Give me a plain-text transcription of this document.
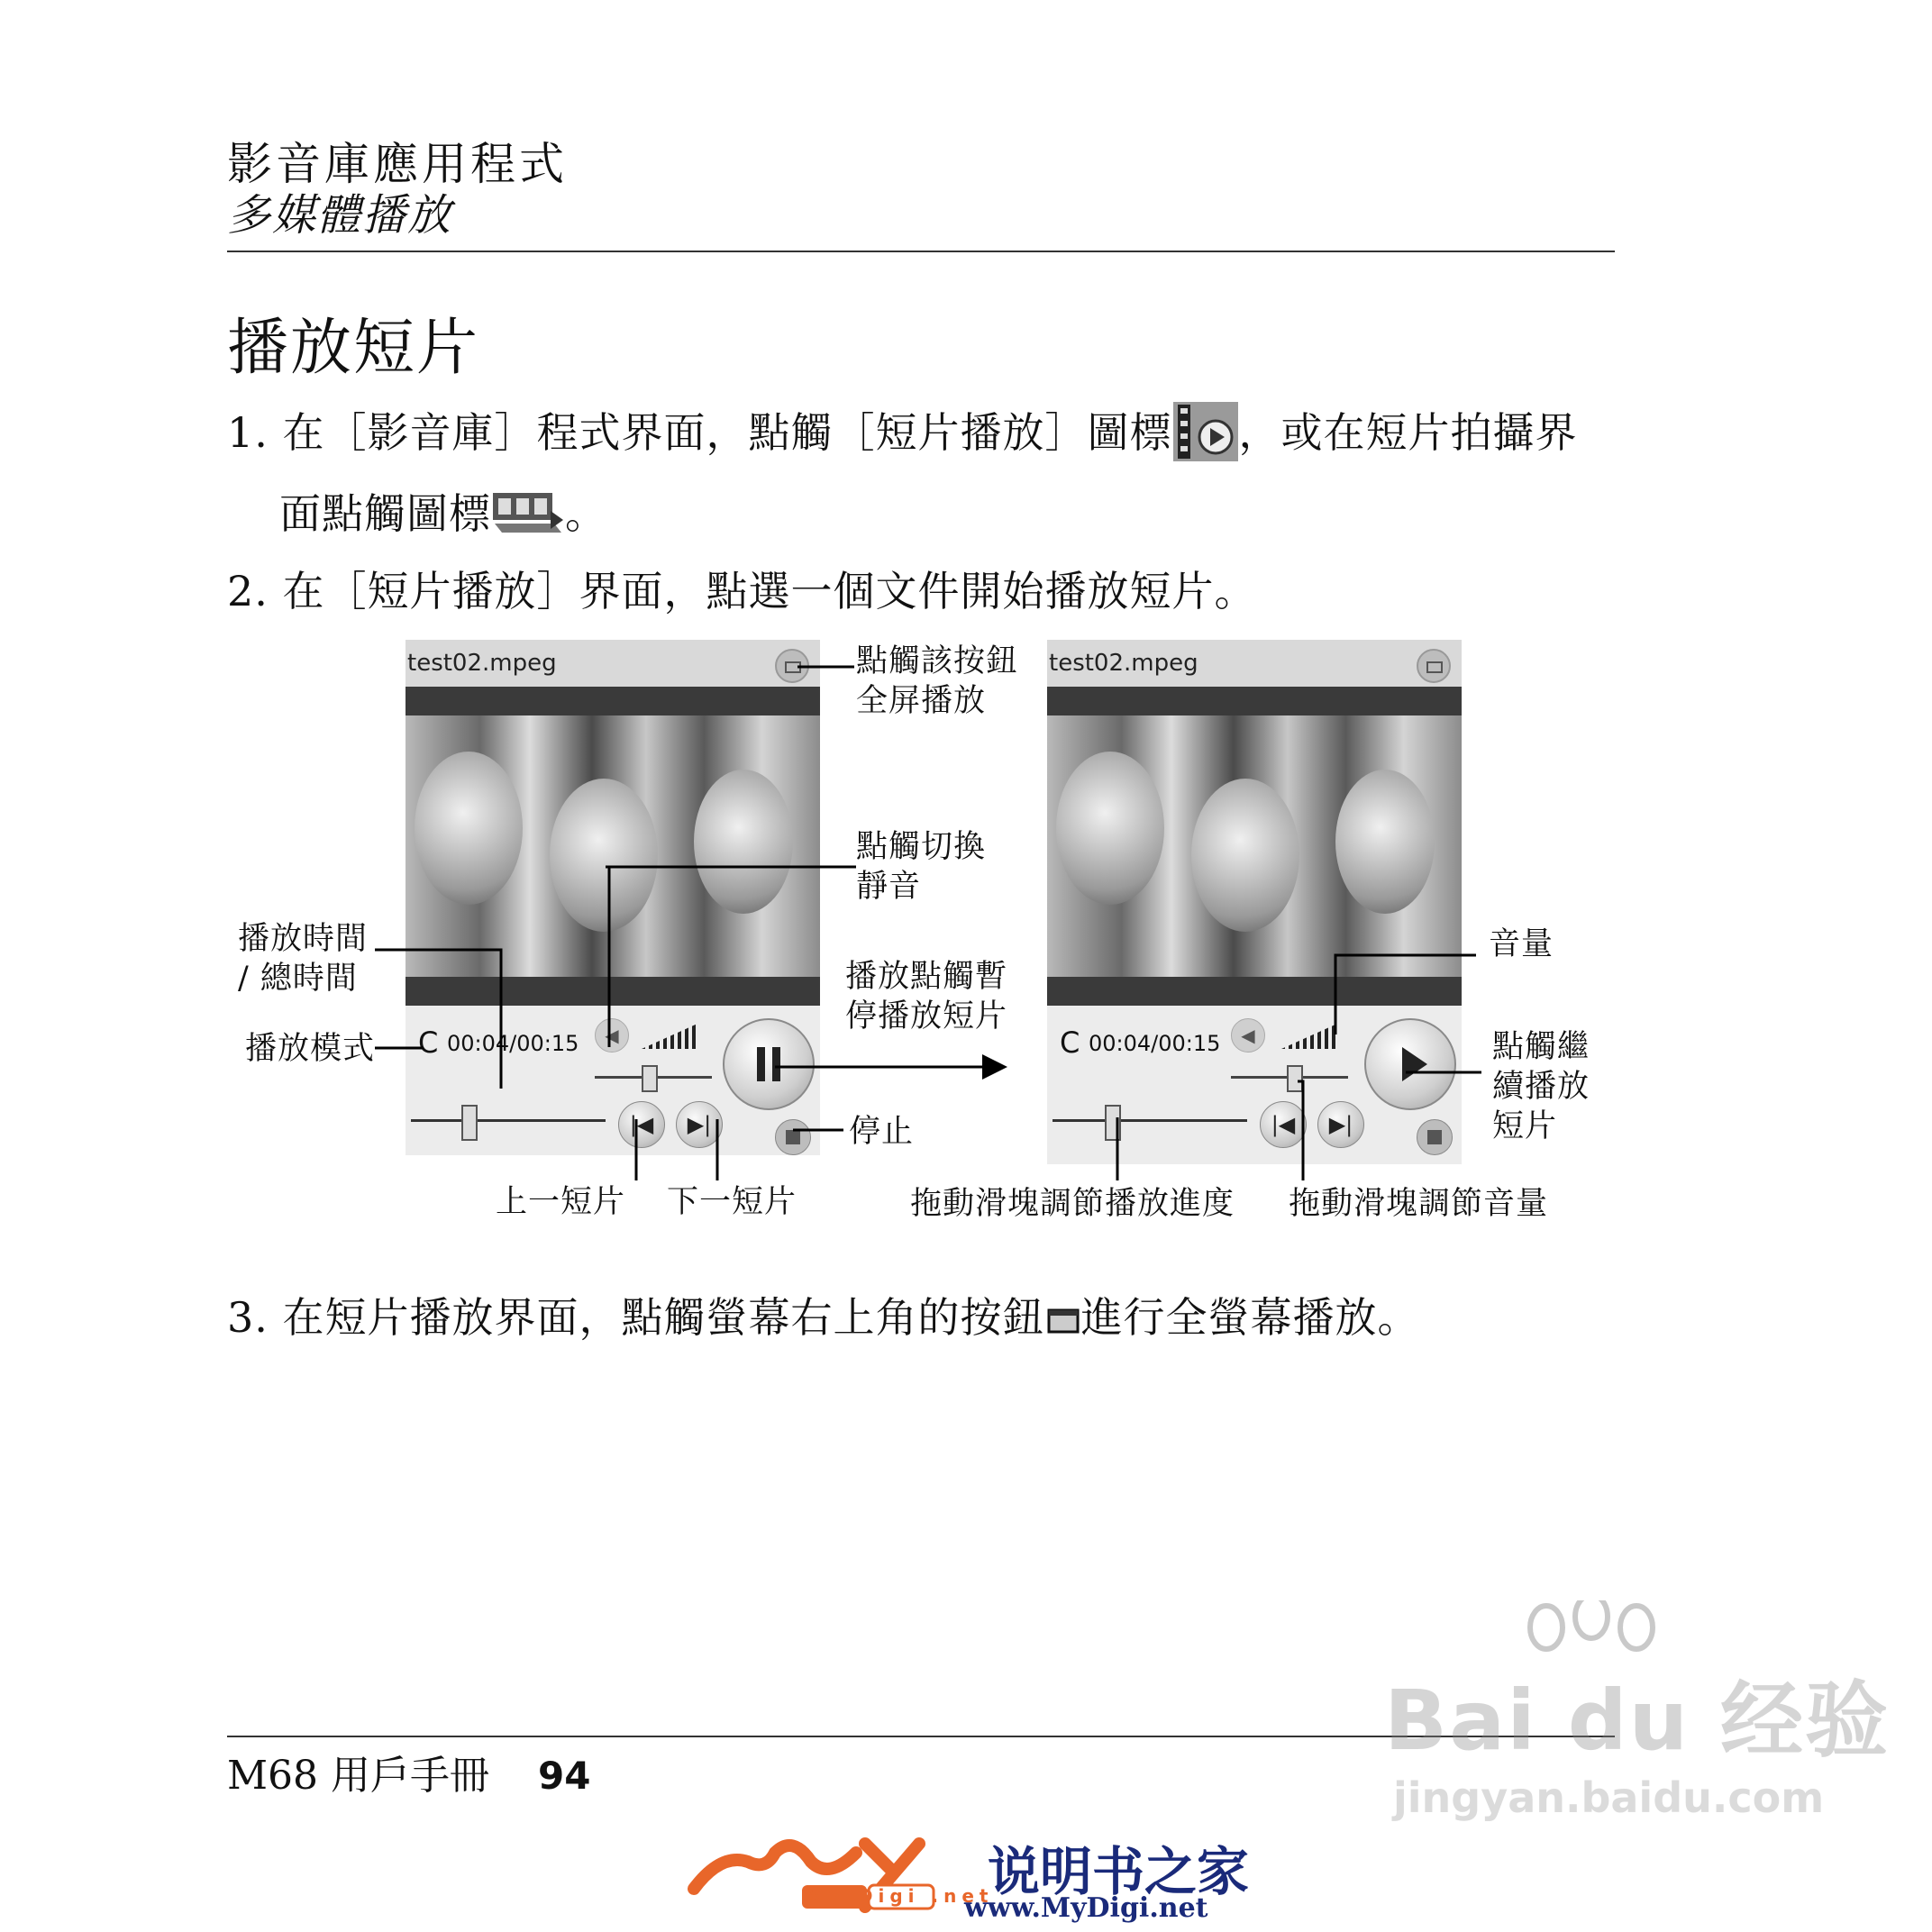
影音庫應用程式
多媒體播放
播放短片
1. 在［影音庫］程式界面，點觸［短片播放］圖標 ，或在短片拍攝界
面點觸圖標 。
2. 在［短片播放］界面，點選一個文件開始播放短片。
test02.mpeg
C 00:04/00:15	◀
|◀	▶|
test02.mpeg
C 00:04/00:15	◀
|◀	▶|
點觸該按鈕
全屏播放
點觸切換
靜音
播放時間
/ 總時間
播放模式
播放點觸暫
停播放短片
停止
上一短片 下一短片	拖動滑塊調節播放進度 拖動滑塊調節音量
音量
點觸繼
續播放
短片
3. 在短片播放界面，點觸螢幕右上角的按鈕 進行全螢幕播放。
M68 用戶手冊 94
Bai du 经验
jingyan.baidu.com
My Digi .net
说明书之家
www.MyDigi.net
